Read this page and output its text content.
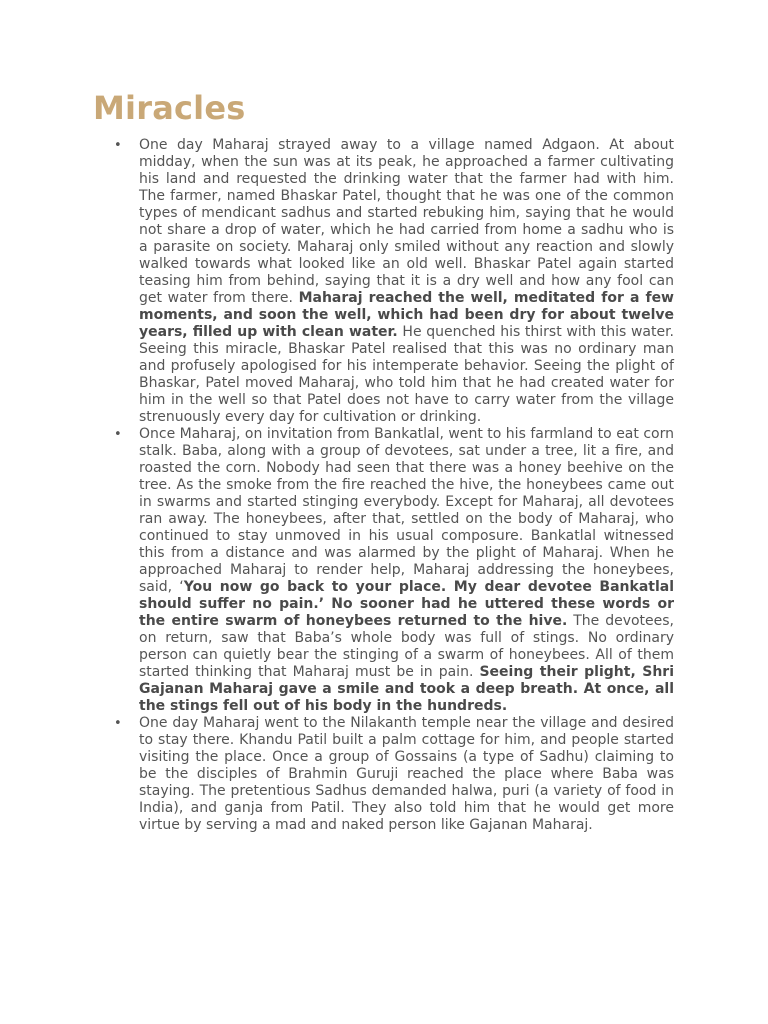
Miracles
• One day Maharaj strayed away to a village named Adgaon. At about midday, when the sun was at its peak, he approached a farmer cultivating his land and requested the drinking water that the farmer had with him. The farmer, named Bhaskar Patel, thought that he was one of the common types of mendicant sadhus and started rebuking him, saying that he would not share a drop of water, which he had carried from home a sadhu who is a parasite on society. Maharaj only smiled without any reaction and slowly walked towards what looked like an old well. Bhaskar Patel again started teasing him from behind, saying that it is a dry well and how any fool can get water from there. Maharaj reached the well, meditated for a few moments, and soon the well, which had been dry for about twelve years, filled up with clean water. He quenched his thirst with this water. Seeing this miracle, Bhaskar Patel realised that this was no ordinary man and profusely apologised for his intemperate behavior. Seeing the plight of Bhaskar, Patel moved Maharaj, who told him that he had created water for him in the well so that Patel does not have to carry water from the village strenuously every day for cultivation or drinking.
• Once Maharaj, on invitation from Bankatlal, went to his farmland to eat corn stalk. Baba, along with a group of devotees, sat under a tree, lit a fire, and roasted the corn. Nobody had seen that there was a honey beehive on the tree. As the smoke from the fire reached the hive, the honeybees came out in swarms and started stinging everybody. Except for Maharaj, all devotees ran away. The honeybees, after that, settled on the body of Maharaj, who continued to stay unmoved in his usual composure. Bankatlal witnessed this from a distance and was alarmed by the plight of Maharaj. When he approached Maharaj to render help, Maharaj addressing the honeybees, said, ‘You now go back to your place. My dear devotee Bankatlal should suffer no pain.’ No sooner had he uttered these words or the entire swarm of honeybees returned to the hive. The devotees, on return, saw that Baba’s whole body was full of stings. No ordinary person can quietly bear the stinging of a swarm of honeybees. All of them started thinking that Maharaj must be in pain. Seeing their plight, Shri Gajanan Maharaj gave a smile and took a deep breath. At once, all the stings fell out of his body in the hundreds.
• One day Maharaj went to the Nilakanth temple near the village and desired to stay there. Khandu Patil built a palm cottage for him, and people started visiting the place. Once a group of Gossains (a type of Sadhu) claiming to be the disciples of Brahmin Guruji reached the place where Baba was staying. The pretentious Sadhus demanded halwa, puri (a variety of food in India), and ganja from Patil. They also told him that he would get more virtue by serving a mad and naked person like Gajanan Maharaj.
